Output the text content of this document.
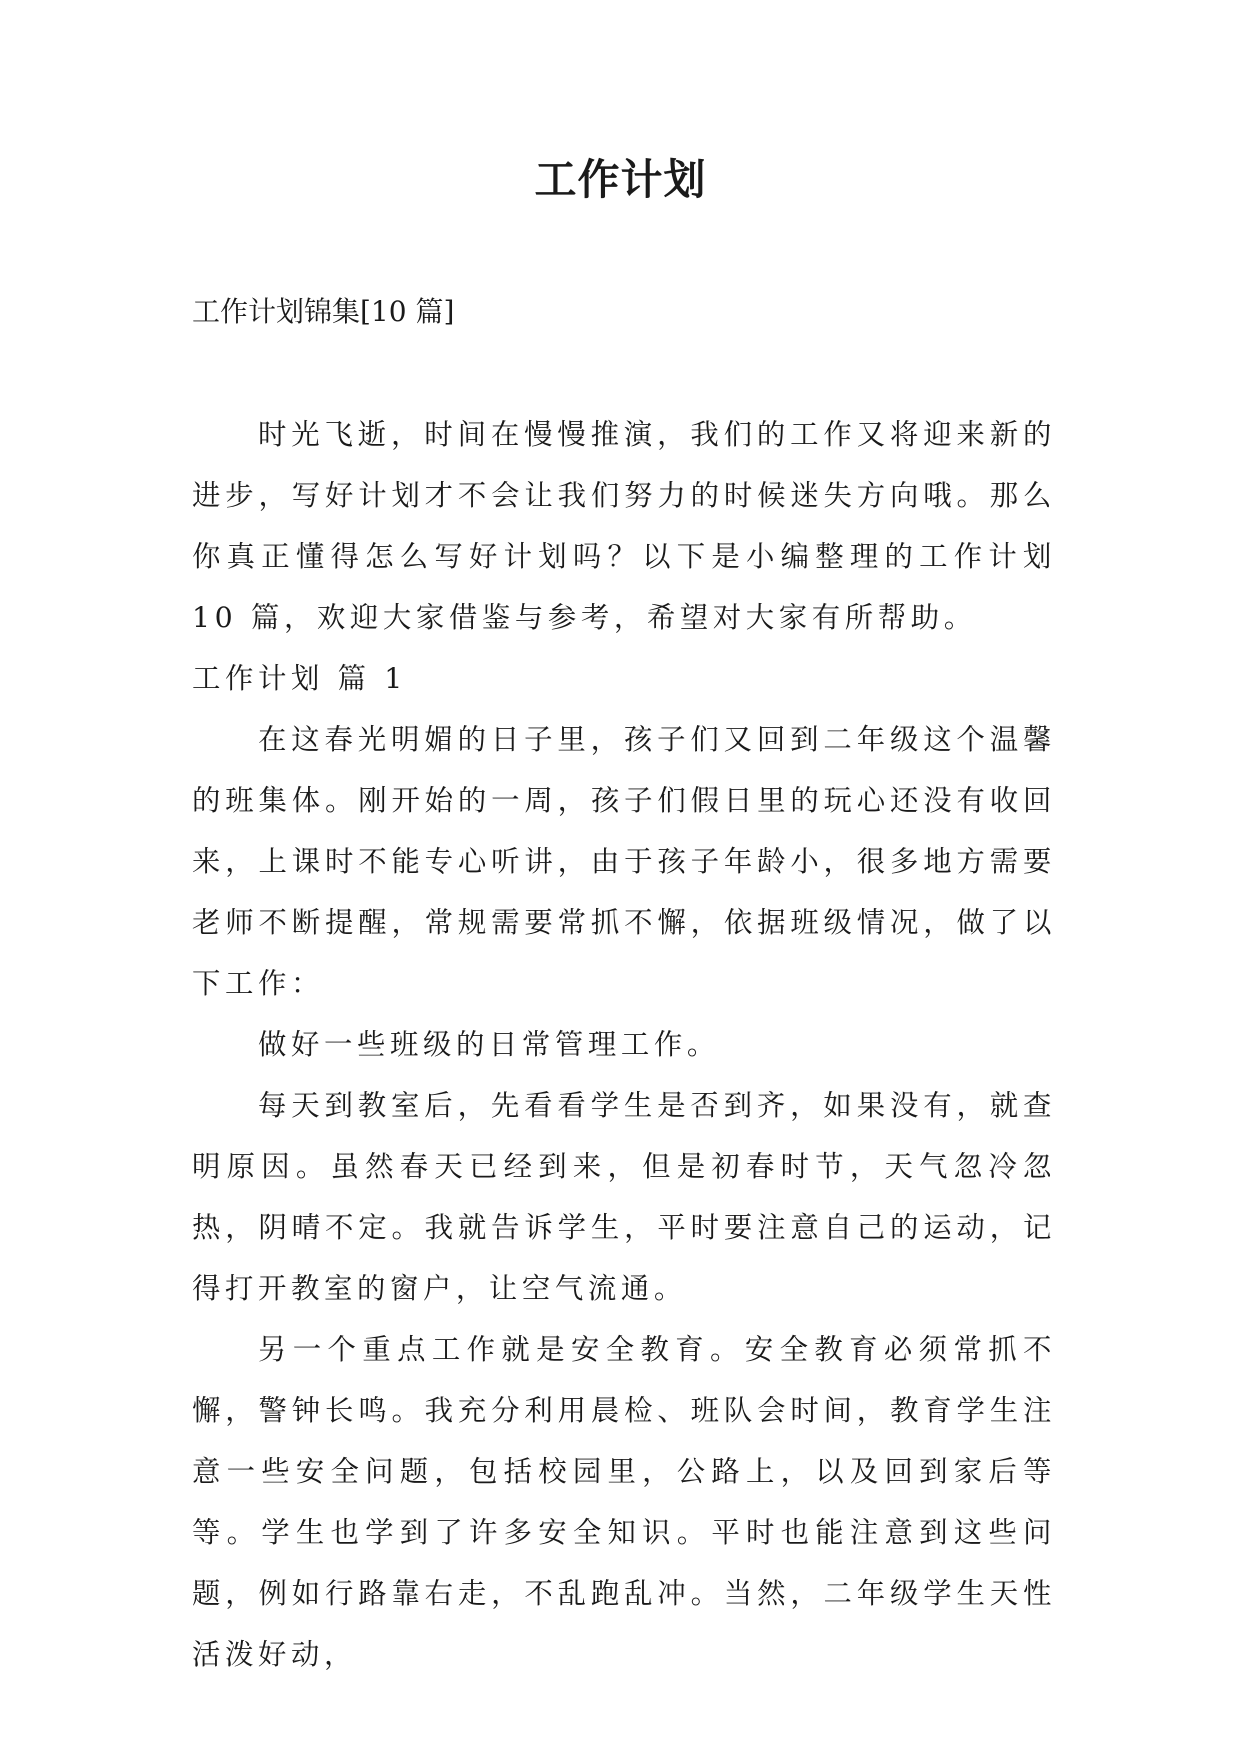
工作计划
工作计划锦集[10 篇]

时光飞逝，时间在慢慢推演，我们的工作又将迎来新的进步，写好计划才不会让我们努力的时候迷失方向哦。那么你真正懂得怎么写好计划吗？以下是小编整理的工作计划10 篇，欢迎大家借鉴与参考，希望对大家有所帮助。

工作计划 篇 1

在这春光明媚的日子里，孩子们又回到二年级这个温馨的班集体。刚开始的一周，孩子们假日里的玩心还没有收回来，上课时不能专心听讲，由于孩子年龄小，很多地方需要老师不断提醒，常规需要常抓不懈，依据班级情况，做了以下工作：

做好一些班级的日常管理工作。

每天到教室后，先看看学生是否到齐，如果没有，就查明原因。虽然春天已经到来，但是初春时节，天气忽冷忽热，阴晴不定。我就告诉学生，平时要注意自己的运动，记得打开教室的窗户，让空气流通。

另一个重点工作就是安全教育。安全教育必须常抓不懈，警钟长鸣。我充分利用晨检、班队会时间，教育学生注意一些安全问题，包括校园里，公路上，以及回到家后等等。学生也学到了许多安全知识。平时也能注意到这些问题，例如行路靠右走，不乱跑乱冲。当然，二年级学生天性活泼好动，
